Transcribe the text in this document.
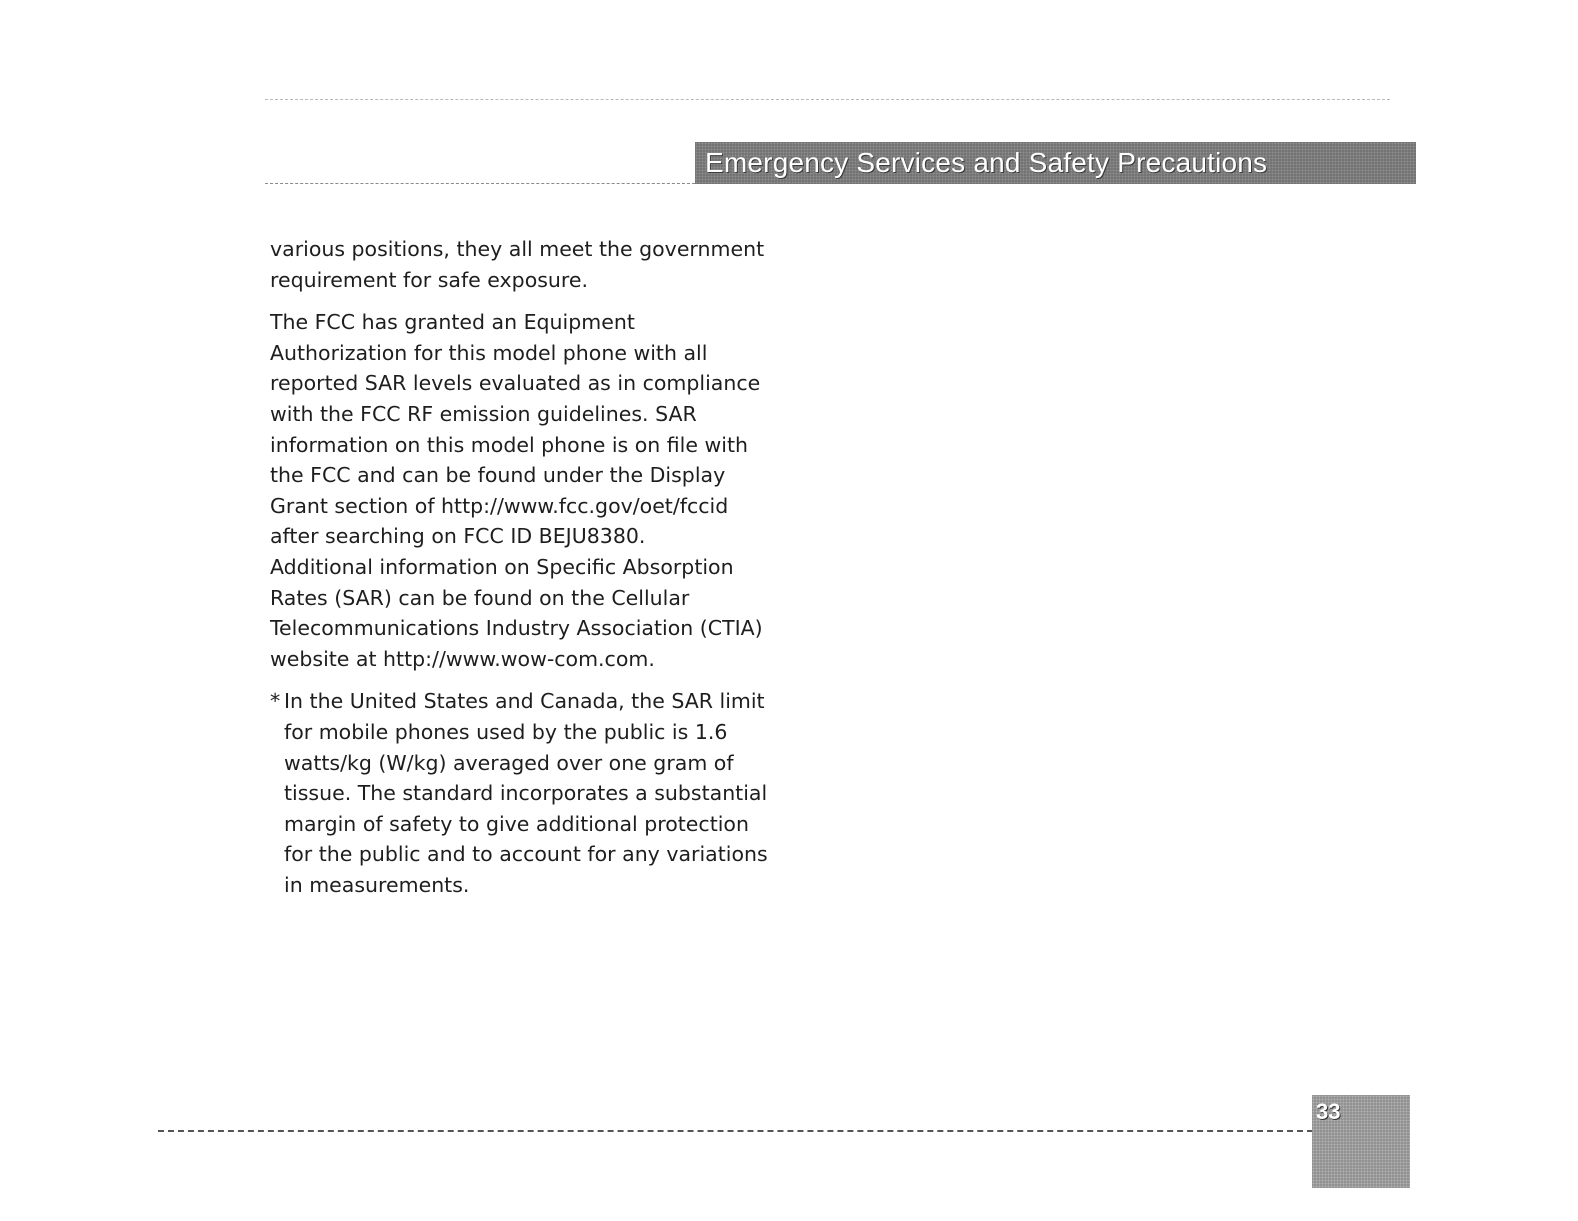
Emergency Services and Safety Precautions

various positions, they all meet the government
requirement for safe exposure.

The FCC has granted an Equipment
Authorization for this model phone with all
reported SAR levels evaluated as in compliance
with the FCC RF emission guidelines. SAR
information on this model phone is on file with
the FCC and can be found under the Display
Grant section of http://www.fcc.gov/oet/fccid
after searching on FCC ID BEJU8380.
Additional information on Specific Absorption
Rates (SAR) can be found on the Cellular
Telecommunications Industry Association (CTIA)
website at http://www.wow-com.com.

* In the United States and Canada, the SAR limit
for mobile phones used by the public is 1.6
watts/kg (W/kg) averaged over one gram of
tissue. The standard incorporates a substantial
margin of safety to give additional protection
for the public and to account for any variations
in measurements.
33
